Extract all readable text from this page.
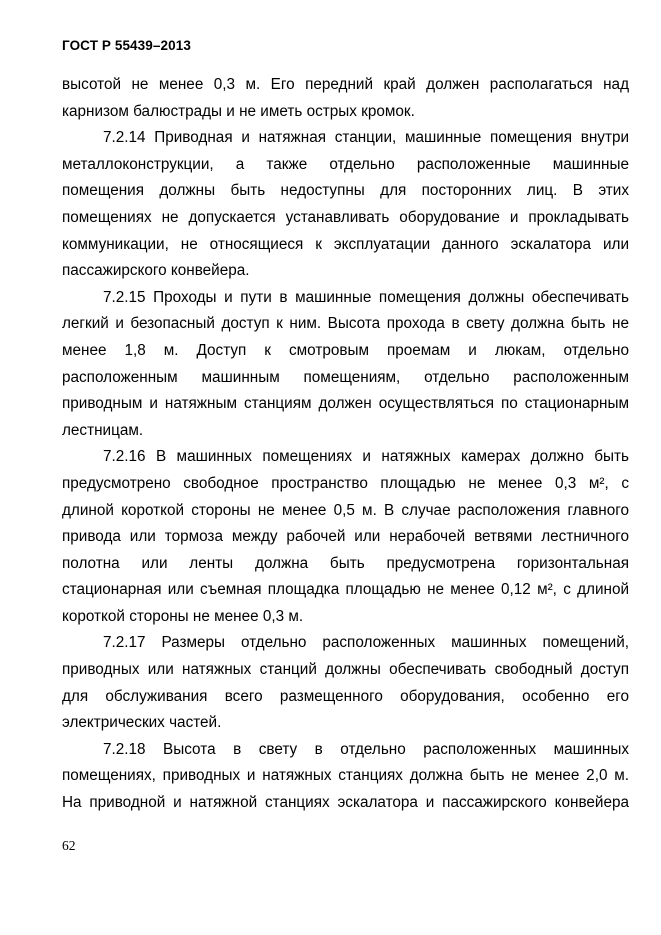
ГОСТ Р 55439–2013
высотой не менее 0,3 м. Его передний край должен располагаться над
карнизом балюстрады и не иметь острых кромок.
7.2.14 Приводная и натяжная станции, машинные помещения внутри
металлоконструкции, а также отдельно расположенные машинные
помещения должны быть недоступны для посторонних лиц. В этих
помещениях не допускается устанавливать оборудование и прокладывать
коммуникации, не относящиеся к эксплуатации данного эскалатора или
пассажирского конвейера.
7.2.15 Проходы и пути в машинные помещения должны обеспечивать
легкий и безопасный доступ к ним. Высота прохода в свету должна быть не
менее 1,8 м. Доступ к смотровым проемам и люкам, отдельно
расположенным машинным помещениям, отдельно расположенным
приводным и натяжным станциям должен осуществляться по стационарным
лестницам.
7.2.16 В машинных помещениях и натяжных камерах должно быть
предусмотрено свободное пространство площадью не менее 0,3 м², с
длиной короткой стороны не менее 0,5 м. В случае расположения главного
привода или тормоза между рабочей или нерабочей ветвями лестничного
полотна или ленты должна быть предусмотрена горизонтальная
стационарная или съемная площадка площадью не менее 0,12 м², с длиной
короткой стороны не менее 0,3 м.
7.2.17 Размеры отдельно расположенных машинных помещений,
приводных или натяжных станций должны обеспечивать свободный доступ
для обслуживания всего размещенного оборудования, особенно его
электрических частей.
7.2.18 Высота в свету в отдельно расположенных машинных
помещениях, приводных и натяжных станциях должна быть не менее 2,0 м.
На приводной и натяжной станциях эскалатора и пассажирского конвейера
62
